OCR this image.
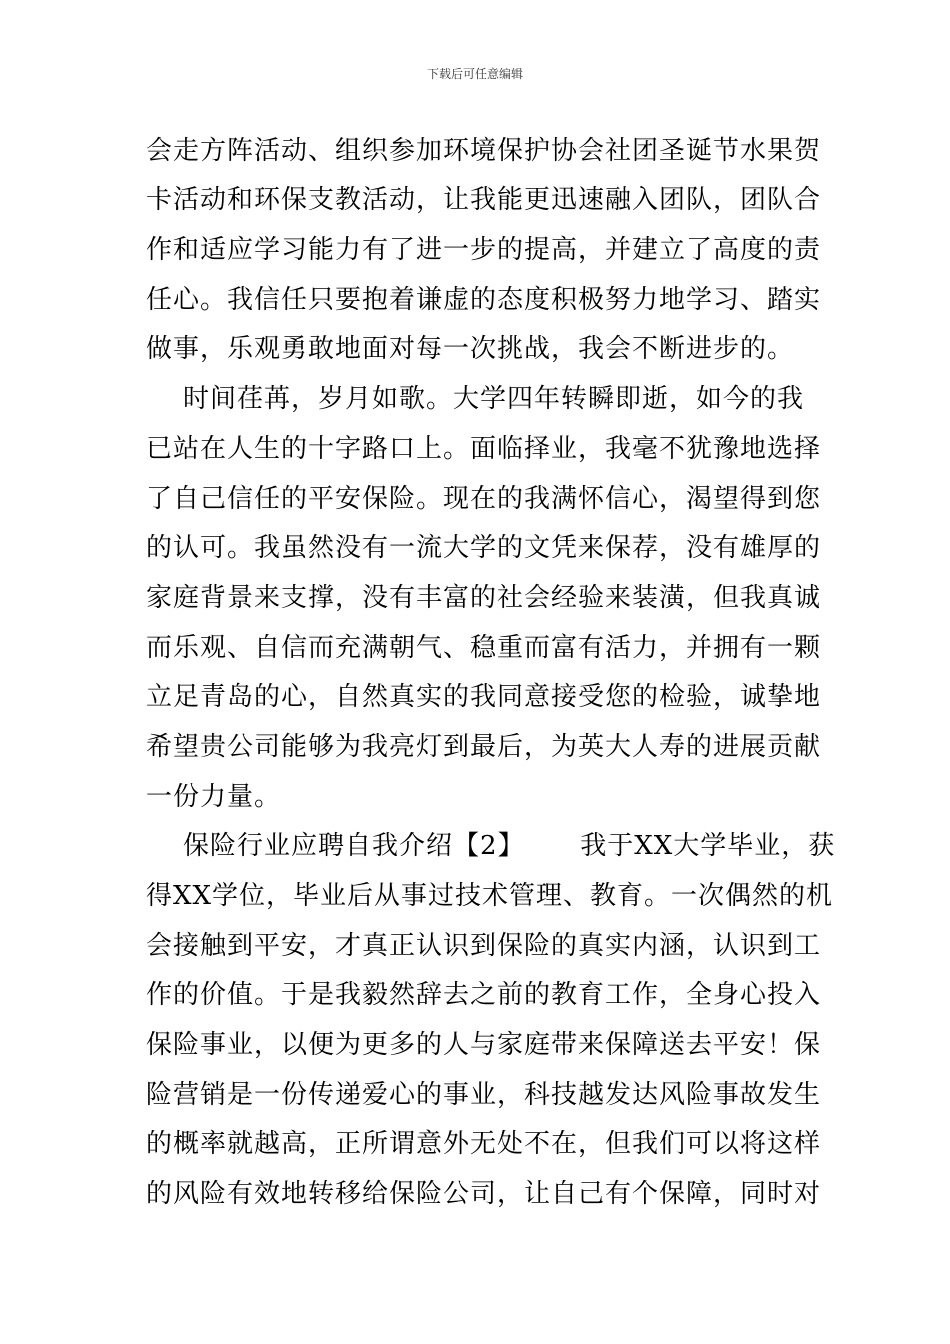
下载后可任意编辑
会走方阵活动、组织参加环境保护协会社团圣诞节水果贺
卡活动和环保支教活动，让我能更迅速融入团队，团队合
作和适应学习能力有了进一步的提高，并建立了高度的责
任心。我信任只要抱着谦虚的态度积极努力地学习、踏实
做事，乐观勇敢地面对每一次挑战，我会不断进步的。
时间荏苒，岁月如歌。大学四年转瞬即逝，如今的我
已站在人生的十字路口上。面临择业，我毫不犹豫地选择
了自己信任的平安保险。现在的我满怀信心，渴望得到您
的认可。我虽然没有一流大学的文凭来保荐，没有雄厚的
家庭背景来支撑，没有丰富的社会经验来装潢，但我真诚
而乐观、自信而充满朝气、稳重而富有活力，并拥有一颗
立足青岛的心，自然真实的我同意接受您的检验，诚挚地
希望贵公司能够为我亮灯到最后，为英大人寿的进展贡献
一份力量。
保险行业应聘自我介绍【2】      我于XX大学毕业，获
得XX学位，毕业后从事过技术管理、教育。一次偶然的机
会接触到平安，才真正认识到保险的真实内涵，认识到工
作的价值。于是我毅然辞去之前的教育工作，全身心投入
保险事业，以便为更多的人与家庭带来保障送去平安！保
险营销是一份传递爱心的事业，科技越发达风险事故发生
的概率就越高，正所谓意外无处不在，但我们可以将这样
的风险有效地转移给保险公司，让自己有个保障，同时对
